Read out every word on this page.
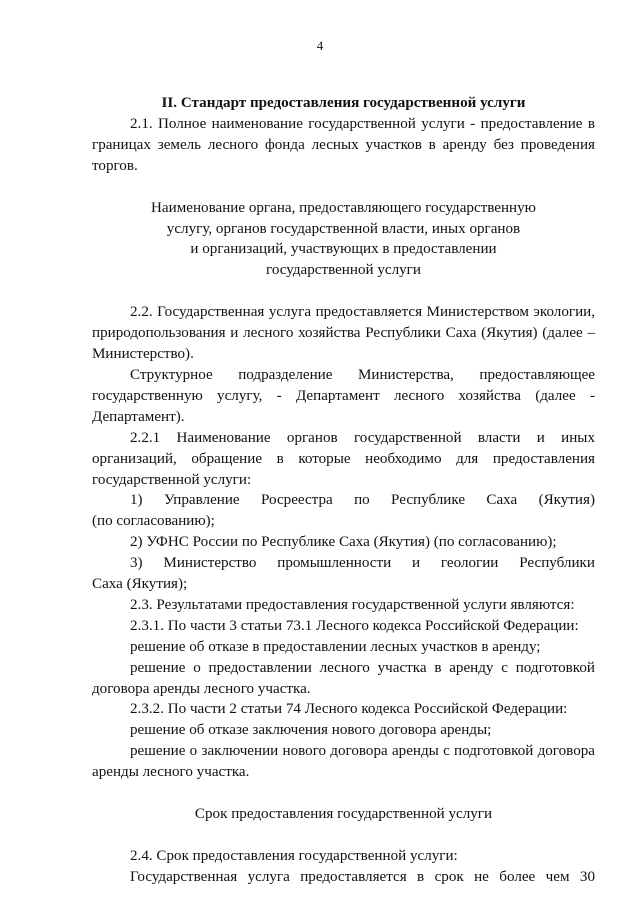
4

II. Стандарт предоставления государственной услуги

2.1. Полное наименование государственной услуги - предоставление в границах земель лесного фонда лесных участков в аренду без проведения торгов.

Наименование органа, предоставляющего государственную
услугу, органов государственной власти, иных органов
и организаций, участвующих в предоставлении
государственной услуги

2.2. Государственная услуга предоставляется Министерством экологии, природопользования и лесного хозяйства Республики Саха (Якутия) (далее – Министерство).

Структурное подразделение Министерства, предоставляющее государственную услугу, - Департамент лесного хозяйства (далее - Департамент).

2.2.1 Наименование органов государственной власти и иных организаций, обращение в которые необходимо для предоставления государственной услуги:

1) Управление Росреестра по Республике Саха (Якутия)
(по согласованию);

2) УФНС России по Республике Саха (Якутия) (по согласованию);

3) Министерство промышленности и геологии Республики
Саха (Якутия);

2.3. Результатами предоставления государственной услуги являются:

2.3.1. По части 3 статьи 73.1 Лесного кодекса Российской Федерации:

решение об отказе в предоставлении лесных участков в аренду;

решение о предоставлении лесного участка в аренду с подготовкой договора аренды лесного участка.

2.3.2. По части 2 статьи 74 Лесного кодекса Российской Федерации:

решение об отказе заключения нового договора аренды;

решение о заключении нового договора аренды с подготовкой договора аренды лесного участка.

Срок предоставления государственной услуги

2.4. Срок предоставления государственной услуги:

Государственная услуга предоставляется в срок не более чем 30
